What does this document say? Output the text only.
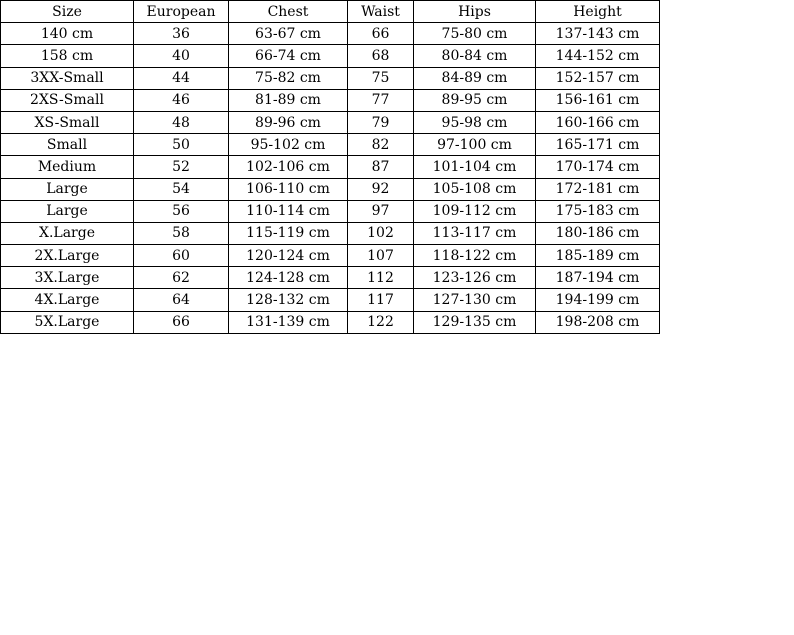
Size	European	Chest	Waist	Hips	Height
140 cm	36	63-67 cm	66	75-80 cm	137-143 cm
158 cm	40	66-74 cm	68	80-84 cm	144-152 cm
3XX-Small	44	75-82 cm	75	84-89 cm	152-157 cm
2XS-Small	46	81-89 cm	77	89-95 cm	156-161 cm
XS-Small	48	89-96 cm	79	95-98 cm	160-166 cm
Small	50	95-102 cm	82	97-100 cm	165-171 cm
Medium	52	102-106 cm	87	101-104 cm	170-174 cm
Large	54	106-110 cm	92	105-108 cm	172-181 cm
Large	56	110-114 cm	97	109-112 cm	175-183 cm
X.Large	58	115-119 cm	102	113-117 cm	180-186 cm
2X.Large	60	120-124 cm	107	118-122 cm	185-189 cm
3X.Large	62	124-128 cm	112	123-126 cm	187-194 cm
4X.Large	64	128-132 cm	117	127-130 cm	194-199 cm
5X.Large	66	131-139 cm	122	129-135 cm	198-208 cm
